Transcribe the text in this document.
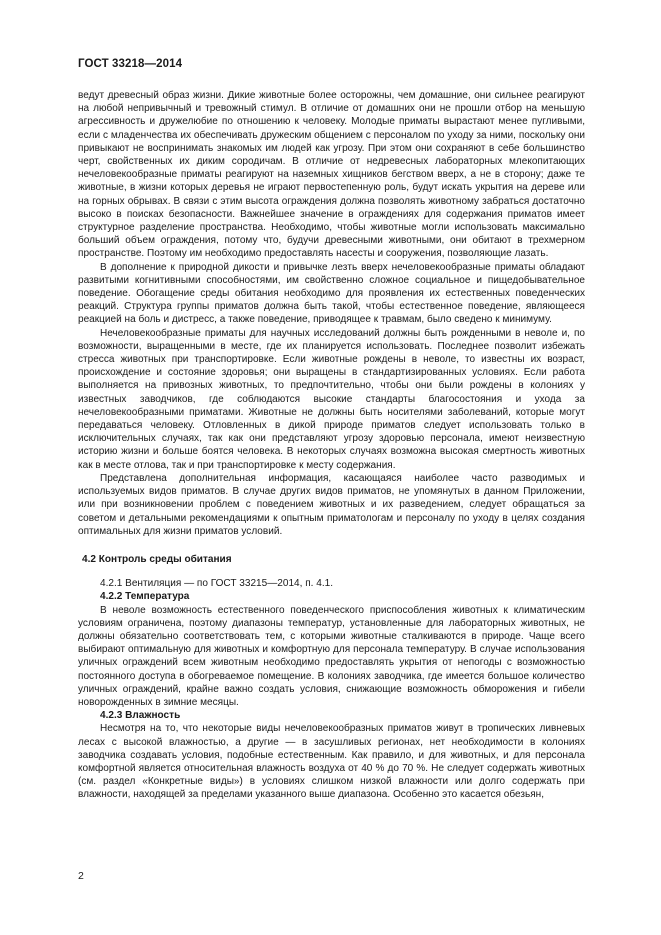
ГОСТ 33218—2014

ведут древесный образ жизни. Дикие животные более осторожны, чем домашние, они сильнее реагируют на любой непривычный и тревожный стимул. В отличие от домашних они не прошли отбор на меньшую агрессивность и дружелюбие по отношению к человеку. Молодые приматы вырастают менее пугливыми, если с младенчества их обеспечивать дружеским общением с персоналом по уходу за ними, поскольку они привыкают не воспринимать знакомых им людей как угрозу. При этом они сохраняют в себе большинство черт, свойственных их диким сородичам. В отличие от недревесных лабораторных млекопитающих нечеловекообразные приматы реагируют на наземных хищников бегством вверх, а не в сторону; даже те животные, в жизни которых деревья не играют первостепенную роль, будут искать укрытия на дереве или на горных обрывах. В связи с этим высота ограждения должна позволять животному забраться достаточно высоко в поисках безопасности. Важнейшее значение в ограждениях для содержания приматов имеет структурное разделение пространства. Необходимо, чтобы животные могли использовать максимально больший объем ограждения, потому что, будучи древесными животными, они обитают в трехмерном пространстве. Поэтому им необходимо предоставлять насесты и сооружения, позволяющие лазать.

В дополнение к природной дикости и привычке лезть вверх нечеловекообразные приматы обладают развитыми когнитивными способностями, им свойственно сложное социальное и пищедобывательное поведение. Обогащение среды обитания необходимо для проявления их естественных поведенческих реакций. Структура группы приматов должна быть такой, чтобы естественное поведение, являющееся реакцией на боль и дистресс, а также поведение, приводящее к травмам, было сведено к минимуму.

Нечеловекообразные приматы для научных исследований должны быть рожденными в неволе и, по возможности, выращенными в месте, где их планируется использовать. Последнее позволит избежать стресса животных при транспортировке. Если животные рождены в неволе, то известны их возраст, происхождение и состояние здоровья; они выращены в стандартизированных условиях. Если работа выполняется на привозных животных, то предпочтительно, чтобы они были рождены в колониях у известных заводчиков, где соблюдаются высокие стандарты благосостояния и ухода за нечеловекообразными приматами. Животные не должны быть носителями заболеваний, которые могут передаваться человеку. Отловленных в дикой природе приматов следует использовать только в исключительных случаях, так как они представляют угрозу здоровью персонала, имеют неизвестную историю жизни и больше боятся человека. В некоторых случаях возможна высокая смертность животных как в месте отлова, так и при транспортировке к месту содержания.

Представлена дополнительная информация, касающаяся наиболее часто разводимых и используемых видов приматов. В случае других видов приматов, не упомянутых в данном Приложении, или при возникновении проблем с поведением животных и их разведением, следует обращаться за советом и детальными рекомендациями к опытным приматологам и персоналу по уходу в целях создания оптимальных для жизни приматов условий.

4.2 Контроль среды обитания

4.2.1 Вентиляция — по ГОСТ 33215—2014, п. 4.1.

4.2.2 Температура

В неволе возможность естественного поведенческого приспособления животных к климатическим условиям ограничена, поэтому диапазоны температур, установленные для лабораторных животных, не должны обязательно соответствовать тем, с которыми животные сталкиваются в природе. Чаще всего выбирают оптимальную для животных и комфортную для персонала температуру. В случае использования уличных ограждений всем животным необходимо предоставлять укрытия от непогоды с возможностью постоянного доступа в обогреваемое помещение. В колониях заводчика, где имеется большое количество уличных ограждений, крайне важно создать условия, снижающие возможность обморожения и гибели новорожденных в зимние месяцы.

4.2.3 Влажность

Несмотря на то, что некоторые виды нечеловекообразных приматов живут в тропических ливневых лесах с высокой влажностью, а другие — в засушливых регионах, нет необходимости в колониях заводчика создавать условия, подобные естественным. Как правило, и для животных, и для персонала комфортной являетcя относительная влажность воздуха от 40 % до 70 %. Не следует содержать животных (см. раздел «Конкретные виды») в условиях слишком низкой влажности или долго содержать при влажности, находящей за пределами указанного выше диапазона. Особенно это касается обезьян,

2
